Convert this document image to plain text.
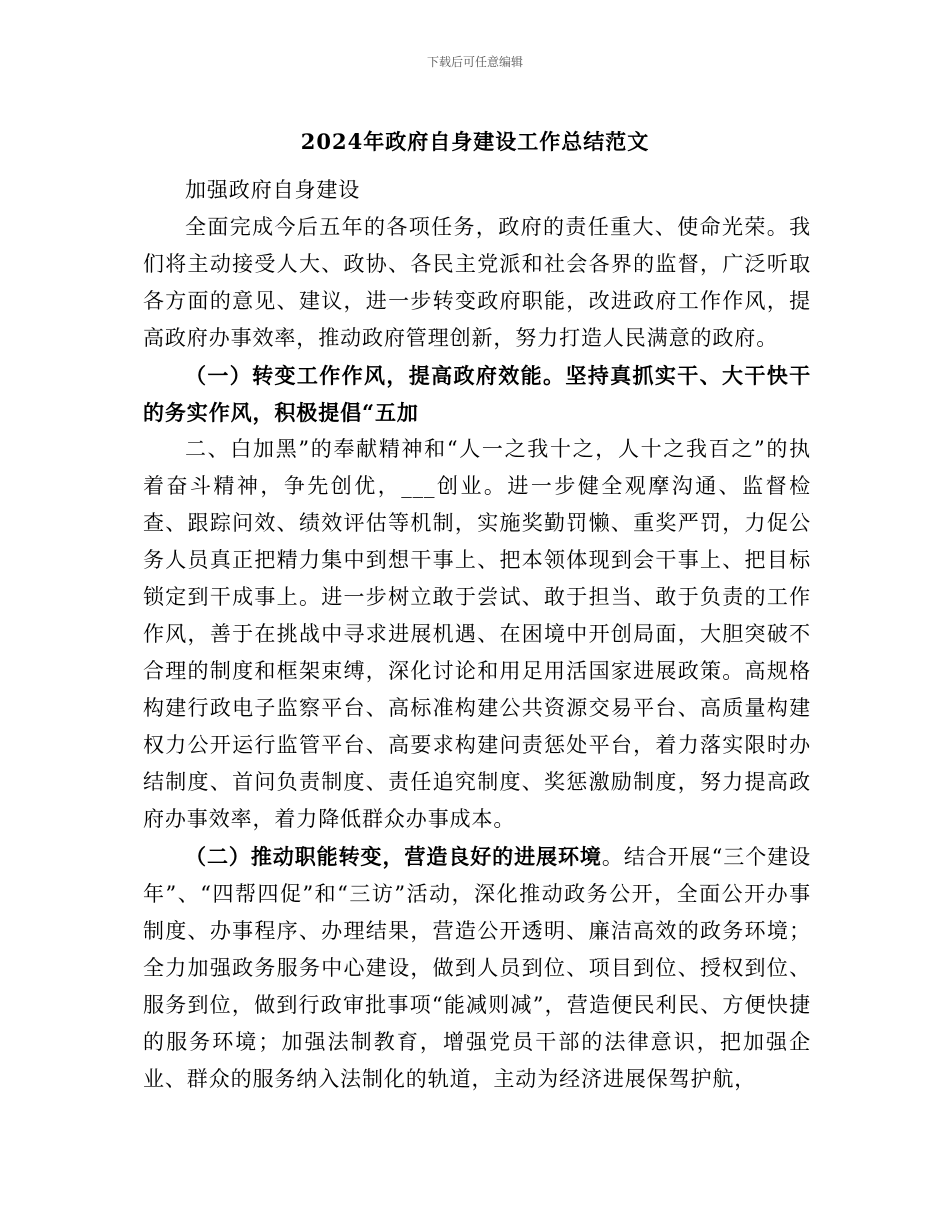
下载后可任意编辑
2024年政府自身建设工作总结范文

加强政府自身建设

全面完成今后五年的各项任务，政府的责任重大、使命光荣。我们将主动接受人大、政协、各民主党派和社会各界的监督，广泛听取各方面的意见、建议，进一步转变政府职能，改进政府工作作风，提高政府办事效率，推动政府管理创新，努力打造人民满意的政府。

（一）转变工作作风，提高政府效能。坚持真抓实干、大干快干的务实作风，积极提倡“五加

二、白加黑”的奉献精神和“人一之我十之，人十之我百之”的执着奋斗精神，争先创优，___创业。进一步健全观摩沟通、监督检查、跟踪问效、绩效评估等机制，实施奖勤罚懒、重奖严罚，力促公务人员真正把精力集中到想干事上、把本领体现到会干事上、把目标锁定到干成事上。进一步树立敢于尝试、敢于担当、敢于负责的工作作风，善于在挑战中寻求进展机遇、在困境中开创局面，大胆突破不合理的制度和框架束缚，深化讨论和用足用活国家进展政策。高规格构建行政电子监察平台、高标准构建公共资源交易平台、高质量构建权力公开运行监管平台、高要求构建问责惩处平台，着力落实限时办结制度、首问负责制度、责任追究制度、奖惩激励制度，努力提高政府办事效率，着力降低群众办事成本。

（二）推动职能转变，营造良好的进展环境。结合开展“三个建设年”、“四帮四促”和“三访”活动，深化推动政务公开，全面公开办事制度、办事程序、办理结果，营造公开透明、廉洁高效的政务环境；全力加强政务服务中心建设，做到人员到位、项目到位、授权到位、服务到位，做到行政审批事项“能减则减”，营造便民利民、方便快捷的服务环境；加强法制教育，增强党员干部的法律意识，把加强企业、群众的服务纳入法制化的轨道，主动为经济进展保驾护航，
